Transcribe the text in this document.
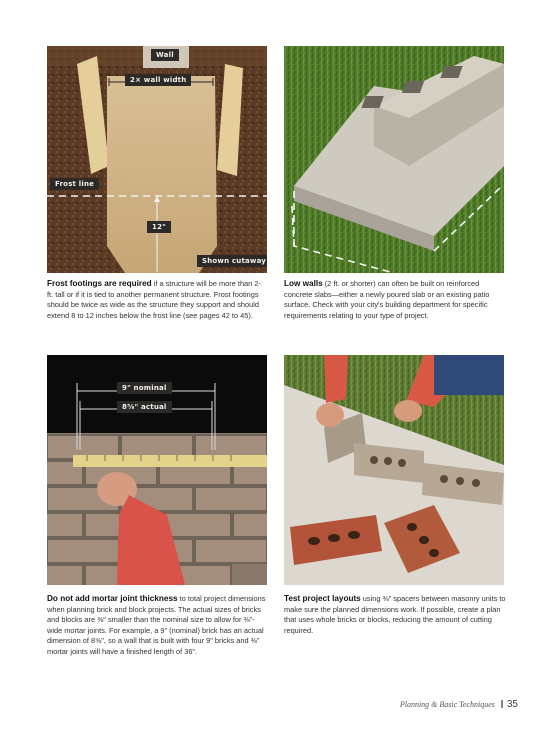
Wall
2× wall width
Frost line
12"
Shown cutaway
Frost footings are required if a structure will be more than 2-ft. tall or if it is tied to another permanent structure. Frost footings should be twice as wide as the structure they support and should extend 8 to 12 inches below the frost line (see pages 42 to 45).
Low walls (2 ft. or shorter) can often be built on reinforced concrete slabs—either a newly poured slab or an existing patio surface. Check with your city's building department for specific requirements relating to your type of project.
9" nominal
8⅝" actual
Do not add mortar joint thickness to total project dimensions when planning brick and block projects. The actual sizes of bricks and blocks are ⅜" smaller than the nominal size to allow for ⅜"-wide mortar joints. For example, a 9" (nominal) brick has an actual dimension of 8⅝", so a wall that is built with four 9" bricks and ⅜" mortar joints will have a finished length of 36".
Test project layouts using ⅜" spacers between masonry units to make sure the planned dimensions work. If possible, create a plan that uses whole bricks or blocks, reducing the amount of cutting required.
Planning & Basic Techniques 35
